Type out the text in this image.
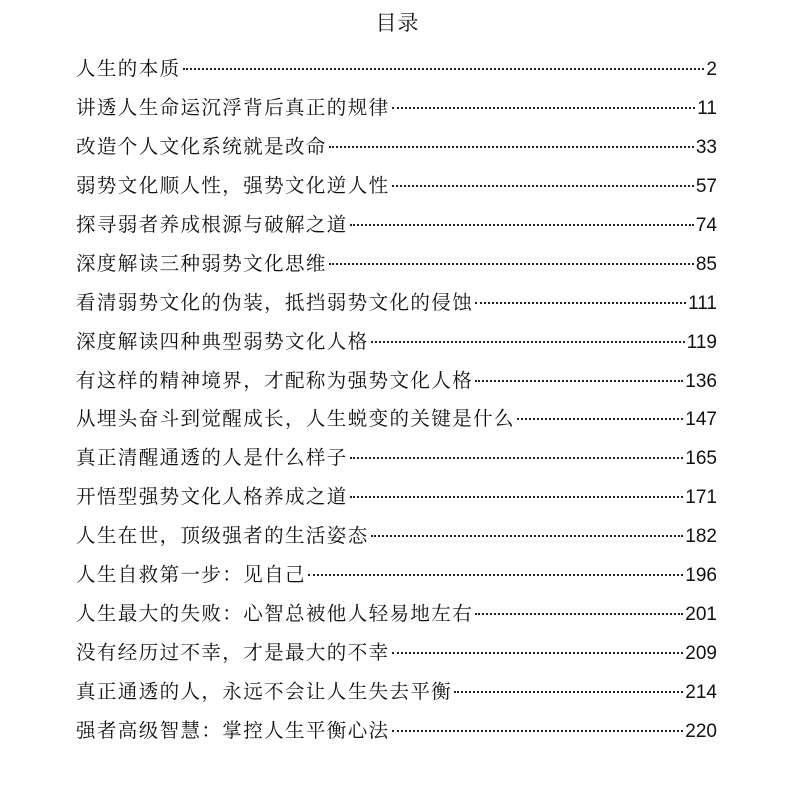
目录
人生的本质	2
讲透人生命运沉浮背后真正的规律	11
改造个人文化系统就是改命	33
弱势文化顺人性，强势文化逆人性	57
探寻弱者养成根源与破解之道	74
深度解读三种弱势文化思维	85
看清弱势文化的伪装，抵挡弱势文化的侵蚀	111
深度解读四种典型弱势文化人格	119
有这样的精神境界，才配称为强势文化人格	136
从埋头奋斗到觉醒成长，人生蜕变的关键是什么	147
真正清醒通透的人是什么样子	165
开悟型强势文化人格养成之道	171
人生在世，顶级强者的生活姿态	182
人生自救第一步：见自己	196
人生最大的失败：心智总被他人轻易地左右	201
没有经历过不幸，才是最大的不幸	209
真正通透的人，永远不会让人生失去平衡	214
强者高级智慧：掌控人生平衡心法	220
